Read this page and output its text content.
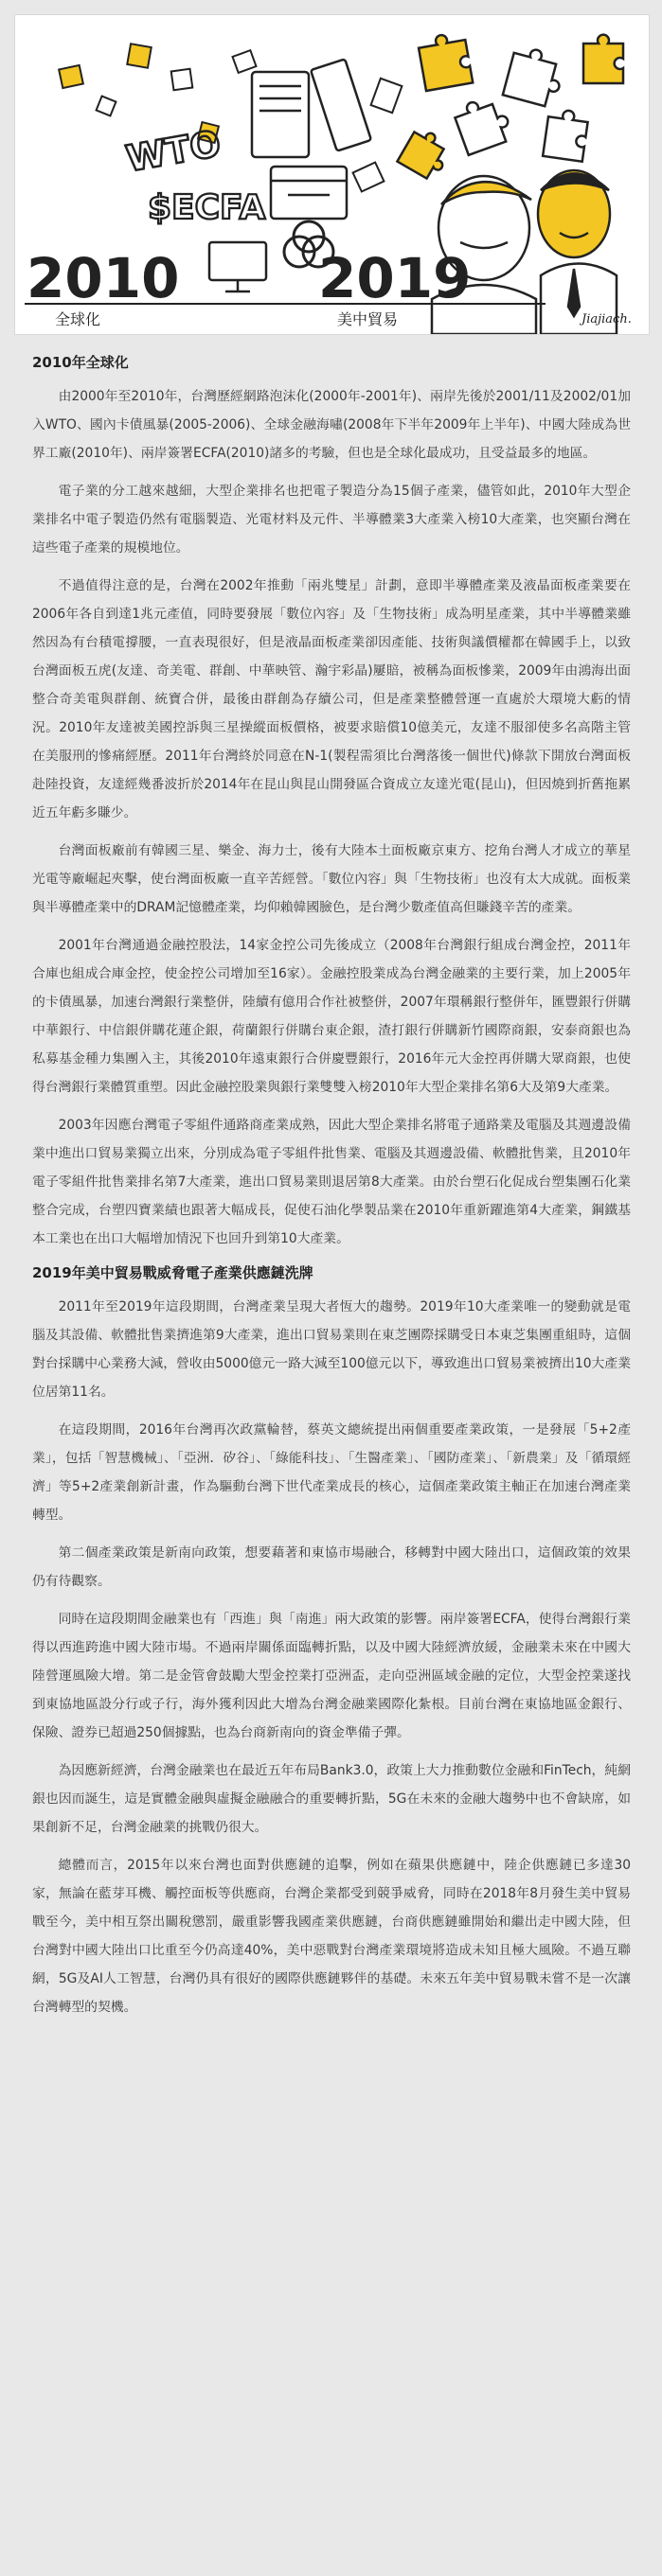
WTO
$ECFA
2010	2019
全球化	美中貿易	Jiajiach.
2010年全球化

由2000年至2010年，台灣歷經網路泡沫化(2000年-2001年)、兩岸先後於2001/11及2002/01加入WTO、國內卡債風暴(2005-2006)、全球金融海嘯(2008年下半年2009年上半年)、中國大陸成為世界工廠(2010年)、兩岸簽署ECFA(2010)諸多的考驗，但也是全球化最成功，且受益最多的地區。

電子業的分工越來越細，大型企業排名也把電子製造分為15個子產業，儘管如此，2010年大型企業排名中電子製造仍然有電腦製造、光電材料及元件、半導體業3大產業入榜10大產業，也突顯台灣在這些電子產業的規模地位。

不過值得注意的是，台灣在2002年推動「兩兆雙星」計劃，意即半導體產業及液晶面板產業要在2006年各自到達1兆元產值，同時要發展「數位內容」及「生物技術」成為明星產業，其中半導體業雖然因為有台積電撐腰，一直表現很好，但是液晶面板產業卻因產能、技術與議價權都在韓國手上，以致台灣面板五虎(友達、奇美電、群創、中華映管、瀚宇彩晶)屢賠，被稱為面板慘業，2009年由鴻海出面整合奇美電與群創、統寶合併，最後由群創為存續公司，但是產業整體營運一直處於大環境大虧的情況。2010年友達被美國控訴與三星操縱面板價格，被要求賠償10億美元，友達不服卻使多名高階主管在美服刑的慘痛經歷。2011年台灣終於同意在N-1(製程需須比台灣落後一個世代)條款下開放台灣面板赴陸投資，友達經幾番波折於2014年在昆山與昆山開發區合資成立友達光電(昆山)，但因燒到折舊拖累近五年虧多賺少。

台灣面板廠前有韓國三星、樂金、海力士，後有大陸本土面板廠京東方、挖角台灣人才成立的華星光電等廠崛起夾擊，使台灣面板廠一直辛苦經營。「數位內容」與「生物技術」也沒有太大成就。面板業與半導體產業中的DRAM記憶體產業，均仰賴韓國臉色，是台灣少數產值高但賺錢辛苦的產業。

2001年台灣通過金融控股法，14家金控公司先後成立（2008年台灣銀行組成台灣金控，2011年合庫也組成合庫金控，使金控公司增加至16家）。金融控股業成為台灣金融業的主要行業，加上2005年的卡債風暴，加速台灣銀行業整併，陸續有億用合作社被整併，2007年環稱銀行整併年，匯豐銀行併購中華銀行、中信銀併購花蓮企銀，荷蘭銀行併購台東企銀，渣打銀行併購新竹國際商銀，安泰商銀也為私募基金種力集團入主，其後2010年遠東銀行合併慶豐銀行，2016年元大金控再併購大眾商銀，也使得台灣銀行業體質重塑。因此金融控股業與銀行業雙雙入榜2010年大型企業排名第6大及第9大產業。

2003年因應台灣電子零組件通路商產業成熟，因此大型企業排名將電子通路業及電腦及其週邊設備業中進出口貿易業獨立出來，分別成為電子零組件批售業、電腦及其週邊設備、軟體批售業，且2010年電子零組件批售業排名第7大產業，進出口貿易業則退居第8大產業。由於台塑石化促成台塑集團石化業整合完成，台塑四寶業績也跟著大幅成長，促使石油化學製品業在2010年重新躍進第4大產業，鋼鐵基本工業也在出口大幅增加情況下也回升到第10大產業。

2019年美中貿易戰威脅電子產業供應鏈洗牌

2011年至2019年這段期間，台灣產業呈現大者恆大的趨勢。2019年10大產業唯一的變動就是電腦及其設備、軟體批售業擠進第9大產業，進出口貿易業則在東芝團際採購受日本東芝集團重組時，這個對台採購中心業務大減，營收由5000億元一路大減至100億元以下，導致進出口貿易業被擠出10大產業位居第11名。

在這段期間，2016年台灣再次政黨輪替，蔡英文總統提出兩個重要產業政策，一是發展「5+2產業」，包括「智慧機械」、「亞洲．矽谷」、「綠能科技」、「生醫產業」、「國防產業」、「新農業」及「循環經濟」等5+2產業創新計畫，作為驅動台灣下世代產業成長的核心，這個產業政策主軸正在加速台灣產業轉型。

第二個產業政策是新南向政策，想要藉著和東協市場融合，移轉對中國大陸出口，這個政策的效果仍有待觀察。

同時在這段期間金融業也有「西進」與「南進」兩大政策的影響。兩岸簽署ECFA，使得台灣銀行業得以西進跨進中國大陸市場。不過兩岸關係面臨轉折點，以及中國大陸經濟放緩，金融業未來在中國大陸營運風險大增。第二是金管會鼓勵大型金控業打亞洲盃，走向亞洲區域金融的定位，大型金控業遂找到東協地區設分行或子行，海外獲利因此大增為台灣金融業國際化紮根。目前台灣在東協地區金銀行、保險、證券已超過250個據點，也為台商新南向的資金準備子彈。

為因應新經濟，台灣金融業也在最近五年布局Bank3.0，政策上大力推動數位金融和FinTech，純網銀也因而誕生，這是實體金融與虛擬金融融合的重要轉折點，5G在未來的金融大趨勢中也不會缺席，如果創新不足，台灣金融業的挑戰仍很大。

總體而言，2015年以來台灣也面對供應鏈的追擊，例如在蘋果供應鏈中，陸企供應鏈已多達30家，無論在藍芽耳機、觸控面板等供應商，台灣企業都受到競爭威脅，同時在2018年8月發生美中貿易戰至今，美中相互祭出關稅懲罰，嚴重影響我國產業供應鏈，台商供應鏈雖開始和繼出走中國大陸，但台灣對中國大陸出口比重至今仍高達40%，美中惡戰對台灣產業環境將造成未知且極大風險。不過互聯網，5G及AI人工智慧，台灣仍具有很好的國際供應鏈夥伴的基礎。未來五年美中貿易戰未嘗不是一次讓台灣轉型的契機。
